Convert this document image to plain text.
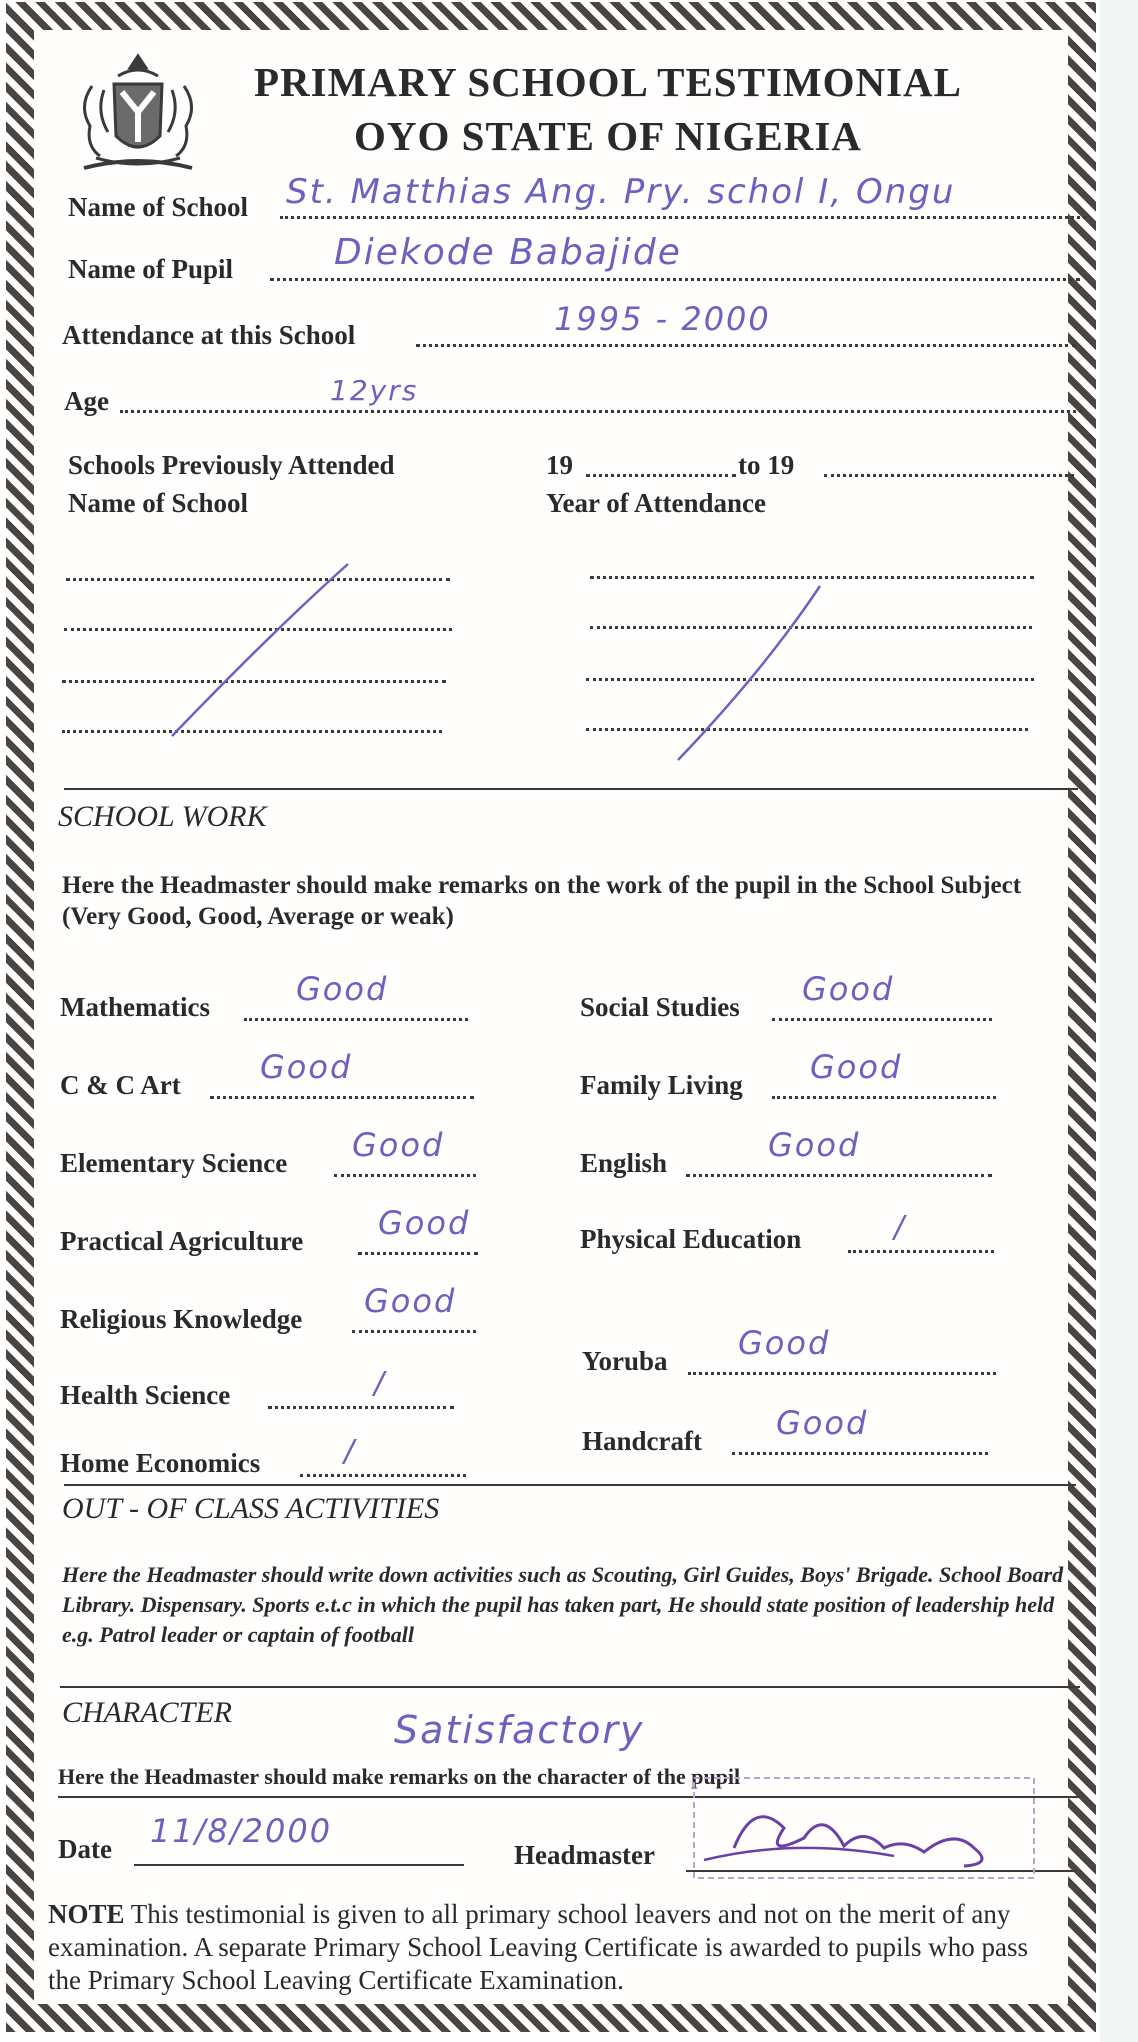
PRIMARY SCHOOL TESTIMONIAL
OYO STATE OF NIGERIA
Name of School St. Matthias Ang. Pry. schol I, Ongu
Name of Pupil	Diekode Babajide
Attendance at this School	1995 - 2000
Age	12yrs
Schools Previously Attended
Name of School
19	to 19
Year of Attendance
SCHOOL WORK
Here the Headmaster should make remarks on the work of the pupil in the School Subject (Very Good, Good, Average or weak)
Mathematics	Good
C & C Art Good
Elementary Science Good
Practical Agriculture Good
Religious Knowledge Good
Health Science	/
Home Economics	/
Social Studies Good
Family Living Good
English	Good
Physical Education	/
Yoruba Good
Handcraft Good
OUT - OF CLASS ACTIVITIES
Here the Headmaster should write down activities such as Scouting, Girl Guides, Boys' Brigade. School Board Library. Dispensary. Sports e.t.c in which the pupil has taken part, He should state position of leadership held e.g. Patrol leader or captain of football
CHARACTER	Satisfactory
Here the Headmaster should make remarks on the character of the pupil
Date 11/8/2000
Headmaster
NOTE This testimonial is given to all primary school leavers and not on the merit of any examination. A separate Primary School Leaving Certificate is awarded to pupils who pass the Primary School Leaving Certificate Examination.
